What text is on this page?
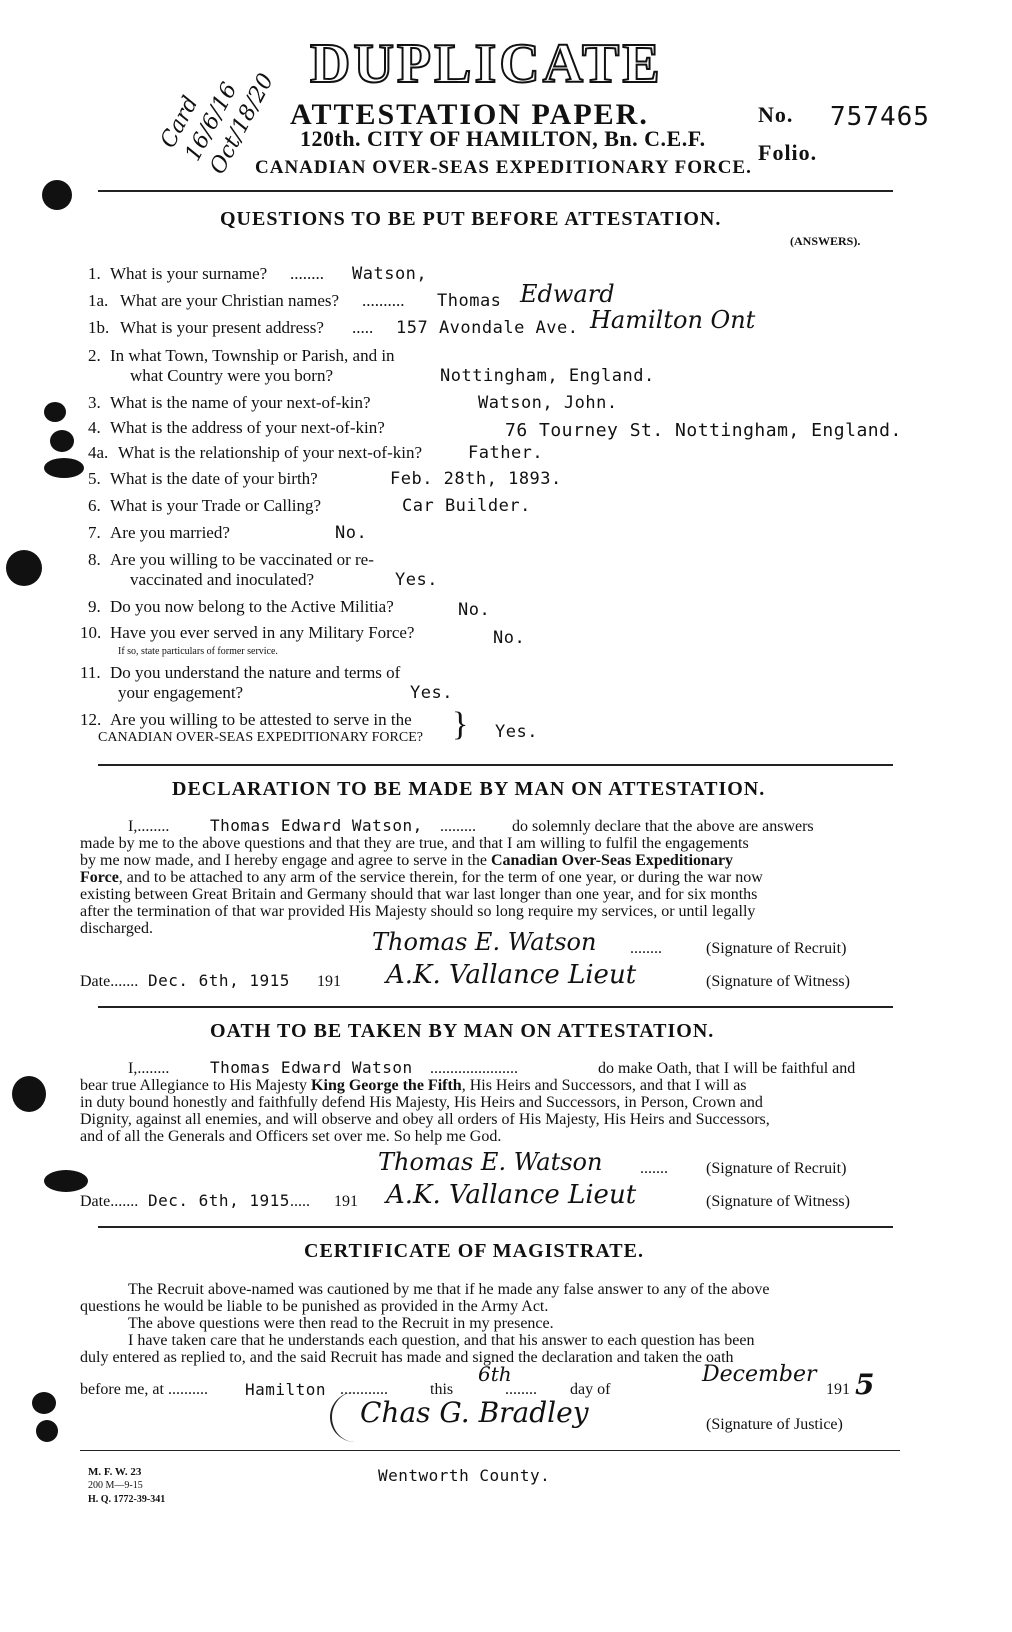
Card 16/6/16 Oct/18/20
DUPLICATE
ATTESTATION PAPER.
120th. CITY OF HAMILTON, Bn. C.E.F.
CANADIAN OVER-SEAS EXPEDITIONARY FORCE.
No. 757465
Folio.
QUESTIONS TO BE PUT BEFORE ATTESTATION.
(ANSWERS).
1. What is your surname? ........ Watson,
1a. What are your Christian names? .......... Thomas Edward
1b. What is your present address? ..... 157 Avondale Ave. Hamilton Ont
2. In what Town, Township or Parish, and in
what Country were you born?	Nottingham, England.
3. What is the name of your next-of-kin?	Watson, John.
4. What is the address of your next-of-kin?	76 Tourney St. Nottingham, England.
4a. What is the relationship of your next-of-kin?	Father.
5. What is the date of your birth?	Feb. 28th, 1893.
6. What is your Trade or Calling?	Car Builder.
7. Are you married?	No.
8. Are you willing to be vaccinated or re-
vaccinated and inoculated?	Yes.
9. Do you now belong to the Active Militia?	No.
10. Have you ever served in any Military Force?
If so, state particulars of former service.
No.
11. Do you understand the nature and terms of
your engagement?	Yes.
12. Are you willing to be attested to serve in the
CANADIAN OVER-SEAS EXPEDITIONARY FORCE? } Yes.
DECLARATION TO BE MADE BY MAN ON ATTESTATION.
I,........	Thomas Edward Watson, ......... do solemnly declare that the above are answers
made by me to the above questions and that they are true, and that I am willing to fulfil the engagements
by me now made, and I hereby engage and agree to serve in the Canadian Over-Seas Expeditionary
Force, and to be attached to any arm of the service therein, for the term of one year, or during the war now
existing between Great Britain and Germany should that war last longer than one year, and for six months
after the termination of that war provided His Majesty should so long require my services, or until legally
discharged.	Thomas E. Watson ........	(Signature of Recruit)
Date....... Dec. 6th, 1915 191 A.K. Vallance Lieut	(Signature of Witness)
OATH TO BE TAKEN BY MAN ON ATTESTATION.
I,........	Thomas Edward Watson ......................	do make Oath, that I will be faithful and
bear true Allegiance to His Majesty King George the Fifth, His Heirs and Successors, and that I will as
in duty bound honestly and faithfully defend His Majesty, His Heirs and Successors, in Person, Crown and
Dignity, against all enemies, and will observe and obey all orders of His Majesty, His Heirs and Successors,
and of all the Generals and Officers set over me. So help me God.
Thomas E. Watson ....... (Signature of Recruit)
Date....... Dec. 6th, 1915 ..... 191 A.K. Vallance Lieut	(Signature of Witness)
CERTIFICATE OF MAGISTRATE.
The Recruit above-named was cautioned by me that if he made any false answer to any of the above
questions he would be liable to be punished as provided in the Army Act.
The above questions were then read to the Recruit in my presence.
I have taken care that he understands each question, and that his answer to each question has been
duly entered as replied to, and the said Recruit has made and signed the declaration and taken the oath
before me, at .......... Hamilton ............	this
6th
........ day of
December
191 5
Chas G. Bradley	(Signature of Justice)
M. F. W. 23
200 M—9-15
H. Q. 1772-39-341
Wentworth County.
